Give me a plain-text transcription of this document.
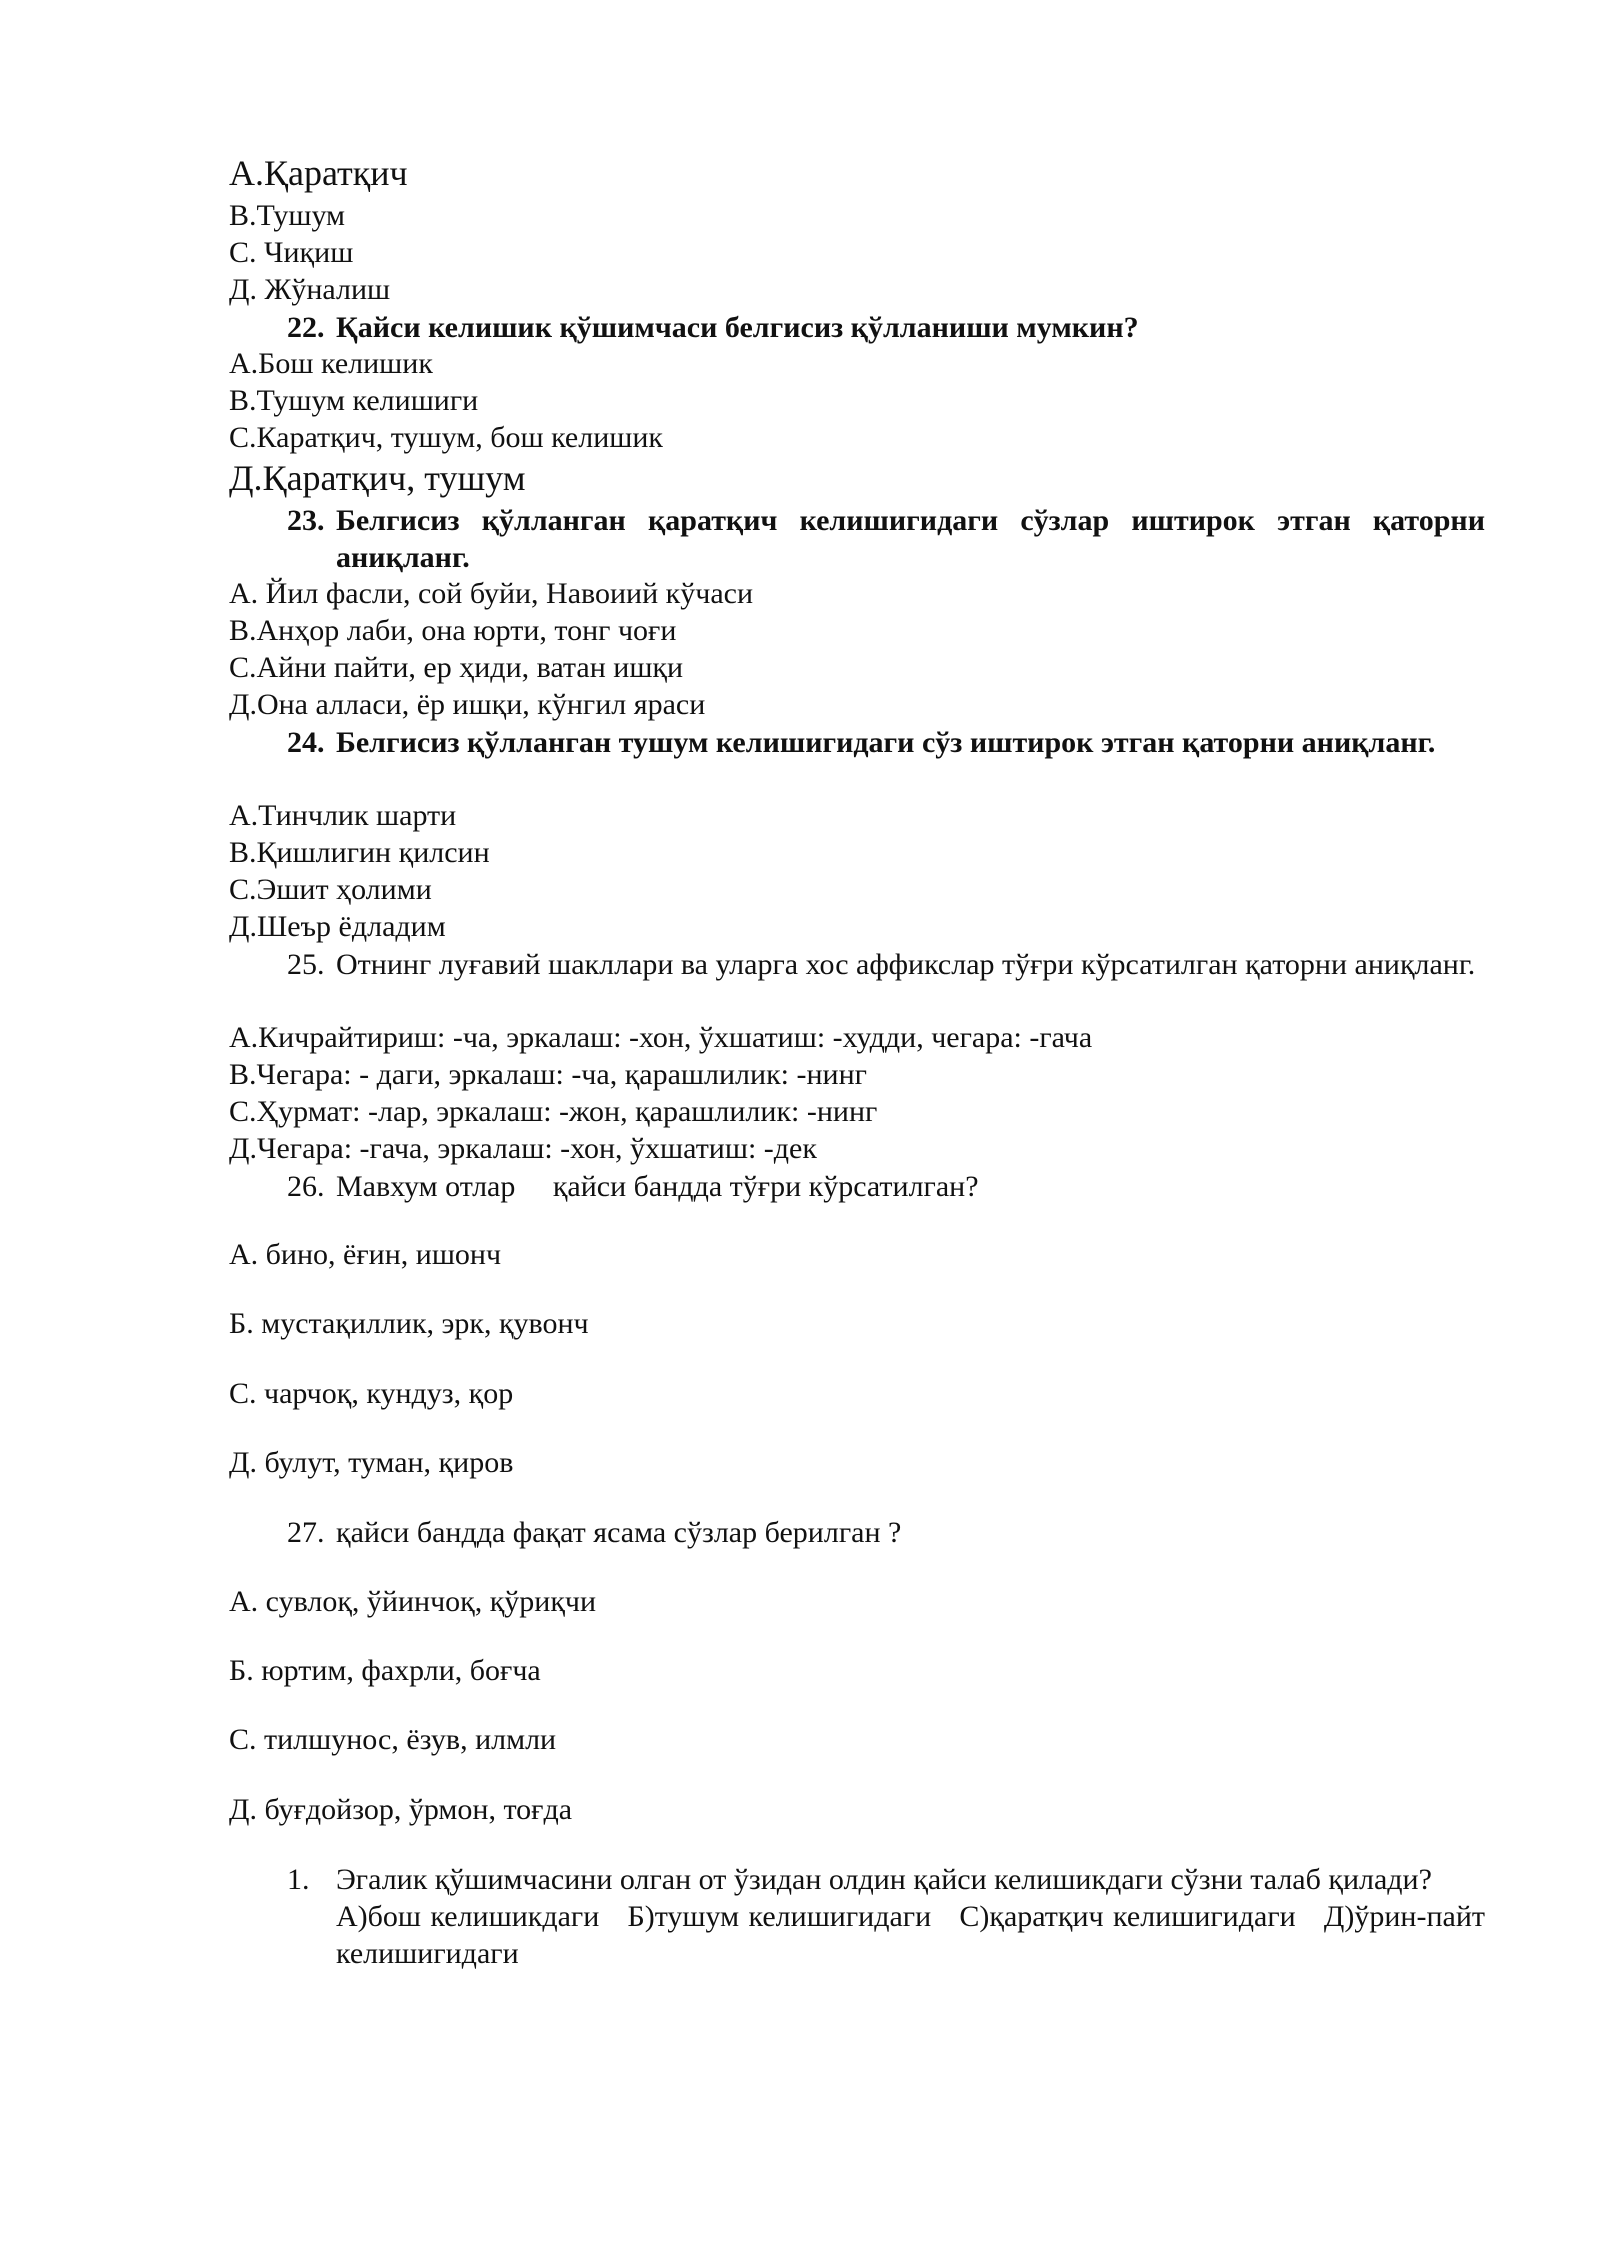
А.Қаратқич
В.Тушум
С. Чиқиш
Д. Жўналиш
22. Қайси келишик қўшимчаси белгисиз қўлланиши мумкин?
А.Бош келишик
В.Тушум келишиги
С.Каратқич, тушум, бош келишик
Д.Қаратқич, тушум
23. Белгисиз қўлланган қаратқич келишигидаги сўзлар иштирок этган қаторни аниқланг.
А. Йил фасли, сой буйи, Навоиий кўчаси
В.Анҳор лаби, она юрти, тонг чоғи
С.Айни пайти, ер ҳиди, ватан ишқи
Д.Она алласи, ёр ишқи, кўнгил яраси
24. Белгисиз қўлланган тушум келишигидаги сўз иштирок этган қаторни аниқланг.
А.Тинчлик шарти
В.Қишлигин қилсин
С.Эшит ҳолими
Д.Шеър ёдладим
25. Отнинг луғавий шакллари ва уларга хос аффикслар тўғри кўрсатилган қаторни аниқланг.
А.Кичрайтириш: -ча, эркалаш: -хон, ўхшатиш: -худди, чегара: -гача
В.Чегара: - даги, эркалаш: -ча, қарашлилик: -нинг
С.Ҳурмат: -лар, эркалаш: -жон, қарашлилик: -нинг
Д.Чегара: -гача, эркалаш: -хон, ўхшатиш: -дек
26. Мавхум отлар     қайси бандда тўғри кўрсатилган?
А. бино, ёғин, ишонч
Б. мустақиллик, эрк, қувонч
С. чарчоқ, кундуз, қор
Д. булут, туман, қиров
27. қайси бандда фақат ясама сўзлар берилган ?
А. сувлоқ, ўйинчоқ, қўриқчи
Б. юртим, фахрли, боғча
С. тилшунос, ёзув, илмли
Д. буғдойзор, ўрмон, тоғда
1. Эгалик қўшимчасини олган от ўзидан олдин қайси келишикдаги сўзни талаб қилади?
А)бош келишикдаги   Б)тушум келишигидаги   С)қаратқич келишигидаги   Д)ўрин-пайт келишигидаги
